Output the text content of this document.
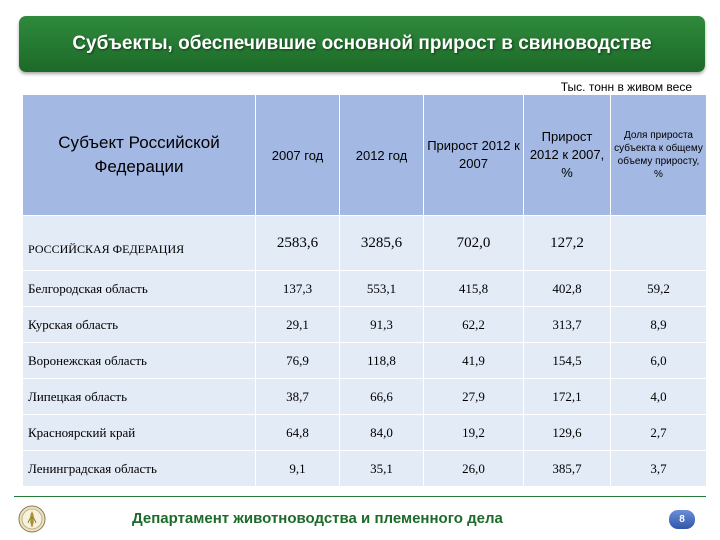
Субъекты, обеспечившие основной прирост в свиноводстве
Тыс. тонн в живом весе
Субъект Российской Федерации	2007 год	2012 год	Прирост 2012 к 2007	Прирост 2012 к 2007, %	Доля прироста субъекта к общему объему приросту, %
РОССИЙСКАЯ ФЕДЕРАЦИЯ	2583,6	3285,6	702,0	127,2	
Белгородская область	137,3	553,1	415,8	402,8	59,2
Курская область	29,1	91,3	62,2	313,7	8,9
Воронежская область	76,9	118,8	41,9	154,5	6,0
Липецкая область	38,7	66,6	27,9	172,1	4,0
Красноярский край	64,8	84,0	19,2	129,6	2,7
Ленинградская область	9,1	35,1	26,0	385,7	3,7
Департамент животноводства и племенного дела	8
